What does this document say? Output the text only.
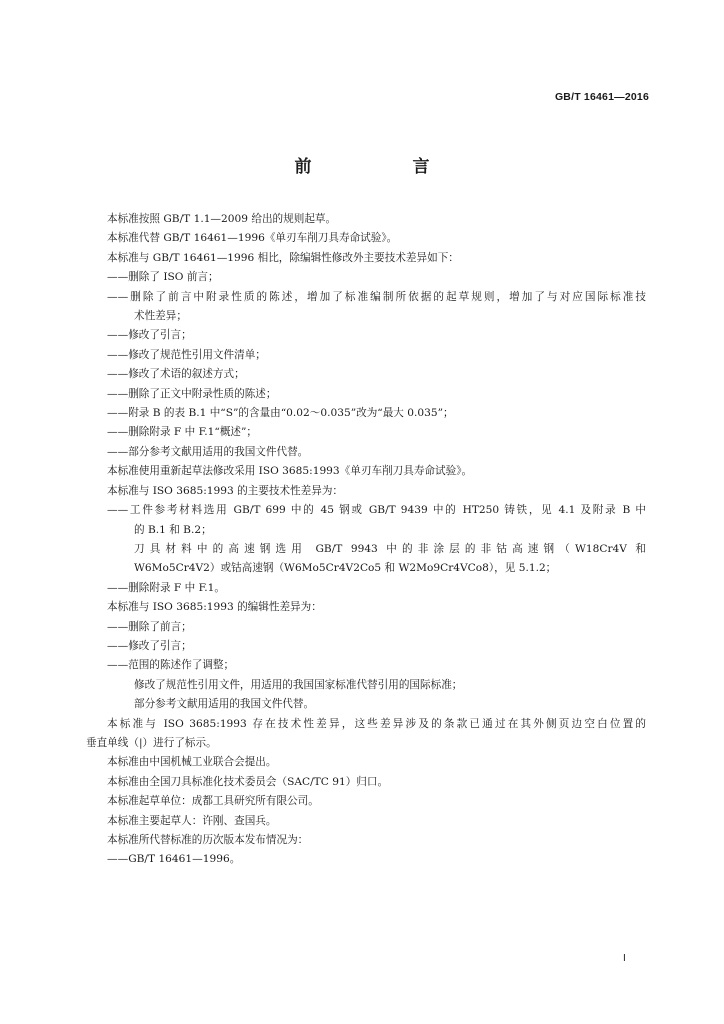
GB/T 16461—2016
前　言
本标准按照 GB/T 1.1—2009 给出的规则起草。
本标准代替 GB/T 16461—1996《单刃车削刀具寿命试验》。
本标准与 GB/T 16461—1996 相比，除编辑性修改外主要技术差异如下：
——删除了 ISO 前言；
——删除了前言中附录性质的陈述，增加了标准编制所依据的起草规则，增加了与对应国际标准技
术性差异；
——修改了引言；
——修改了规范性引用文件清单；
——修改了术语的叙述方式；
——删除了正文中附录性质的陈述；
——附录 B 的表 B.1 中“S”的含量由“0.02～0.035”改为“最大 0.035”；
——删除附录 F 中 F.1“概述”；
——部分参考文献用适用的我国文件代替。
本标准使用重新起草法修改采用 ISO 3685:1993《单刃车削刀具寿命试验》。
本标准与 ISO 3685:1993 的主要技术性差异为：
——工件参考材料选用 GB/T 699 中的 45 钢或 GB/T 9439 中的 HT250 铸铁，见 4.1 及附录 B 中
的 B.1 和 B.2；
刀具材料中的高速钢选用 GB/T 9943 中的非涂层的非钴高速钢（W18Cr4V 和
W6Mo5Cr4V2）或钴高速钢（W6Mo5Cr4V2Co5 和 W2Mo9Cr4VCo8），见 5.1.2；
——删除附录 F 中 F.1。
本标准与 ISO 3685:1993 的编辑性差异为：
——删除了前言；
——修改了引言；
——范围的陈述作了调整；
修改了规范性引用文件，用适用的我国国家标准代替引用的国际标准；
部分参考文献用适用的我国文件代替。
本标准与 ISO 3685:1993 存在技术性差异，这些差异涉及的条款已通过在其外侧页边空白位置的
垂直单线（|）进行了标示。
本标准由中国机械工业联合会提出。
本标准由全国刀具标准化技术委员会（SAC/TC 91）归口。
本标准起草单位：成都工具研究所有限公司。
本标准主要起草人：许刚、查国兵。
本标准所代替标准的历次版本发布情况为：
——GB/T 16461—1996。
I
